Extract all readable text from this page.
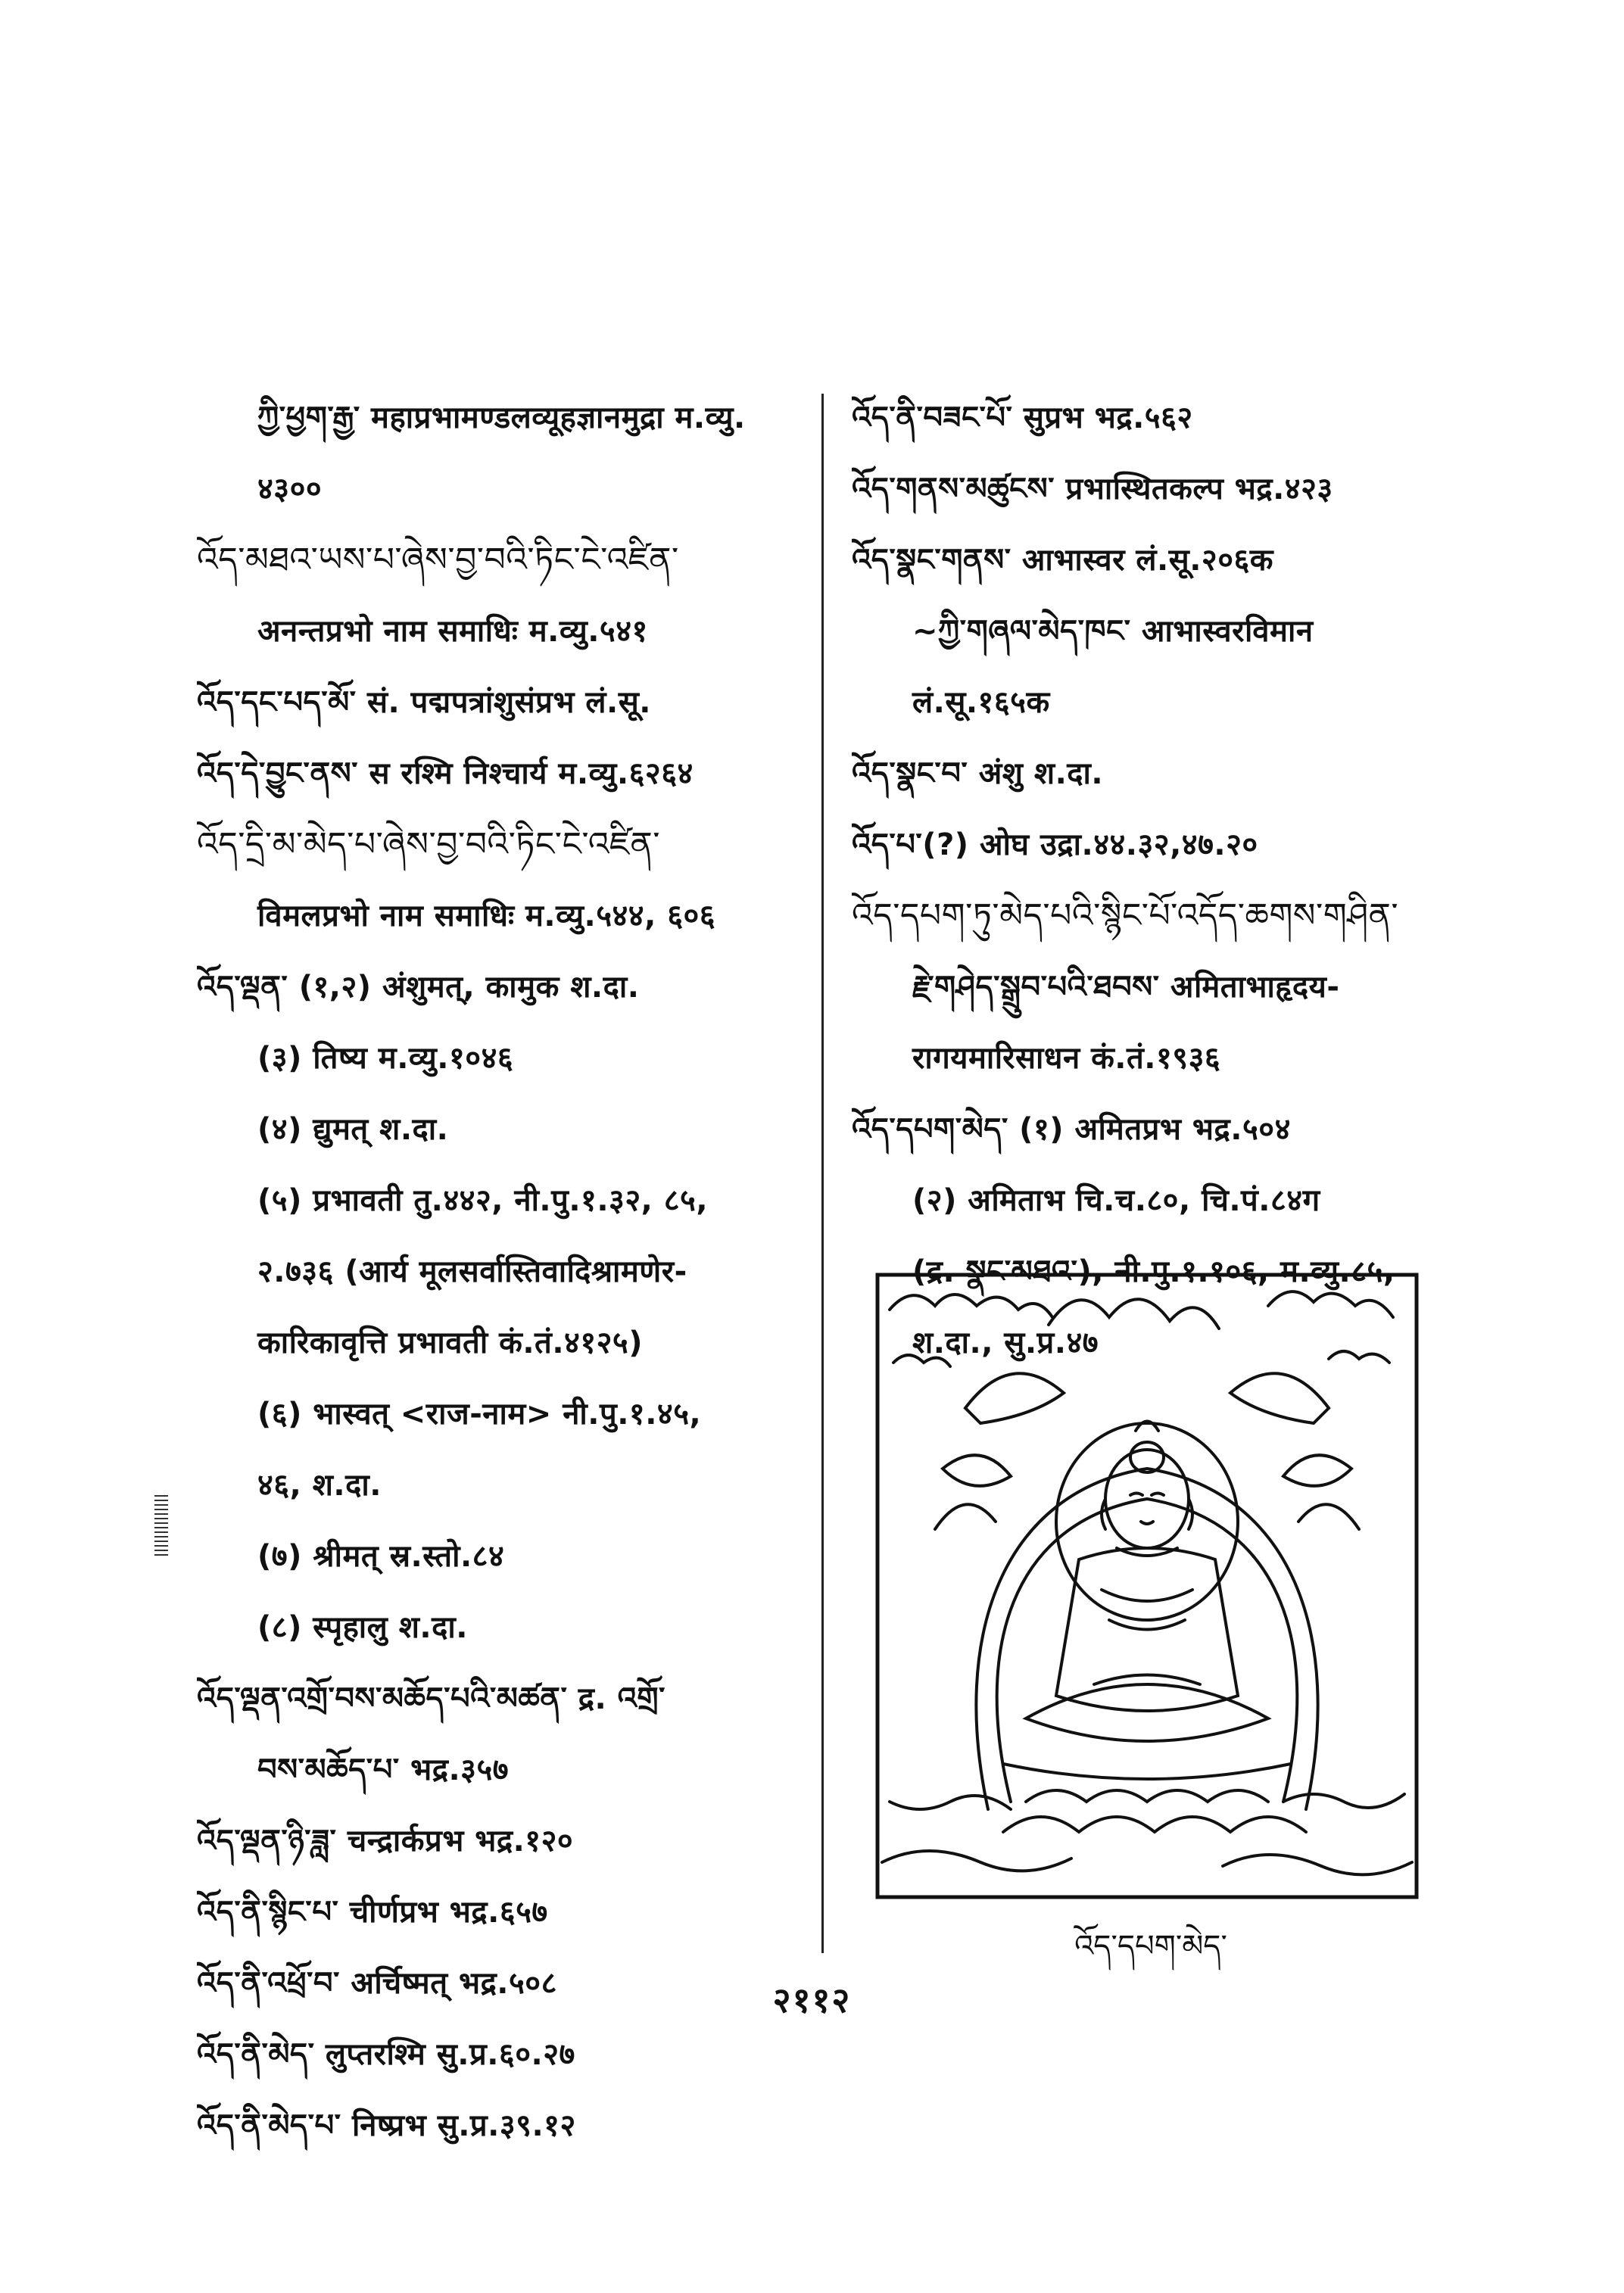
ཀྱི་ཕྱག་རྒྱ་ महाप्रभामण्डलव्यूहज्ञानमुद्रा म.व्यु.
४३००
འོད་མཐའ་ཡས་པ་ཞེས་བྱ་བའི་ཏིང་ངེ་འཛིན་
अनन्तप्रभो नाम समाधिः म.व्यु.५४१
འོད་དང་པད་མོ་ सं. पद्मपत्रांशुसंप्रभ लं.सू.
འོད་དེ་བྱུང་ནས་ स रश्मि निश्चार्य म.व्यु.६२६४
འོད་དྲི་མ་མེད་པ་ཞེས་བྱ་བའི་ཏིང་ངེ་འཛིན་
विमलप्रभो नाम समाधिः म.व्यु.५४४, ६०६
འོད་ལྡན་ (१,२) अंशुमत्, कामुक श.दा.
(३) तिष्य म.व्यु.१०४६
(४) द्युमत् श.दा.
(५) प्रभावती तु.४४२, नी.पु.१.३२, ८५,
२.७३६ (आर्य मूलसर्वास्तिवादिश्रामणेर-
कारिकावृत्ति प्रभावती कं.तं.४१२५)
(६) भास्वत् <राज-नाम> नी.पु.१.४५,
४६, श.दा.
(७) श्रीमत् स्र.स्तो.८४
(८) स्पृहालु श.दा.
འོད་ལྡན་འགྲོ་བས་མཆོད་པའི་མཚན་ द्र. འགྲོ་
བས་མཆོད་པ་ भद्र.३५७
འོད་ལྡན་ཉི་ཟླ་ चन्द्रार्कप्रभ भद्र.१२०
འོད་ནི་སྙིང་པ་ चीर्णप्रभ भद्र.६५७
འོད་ནི་འཕྲོ་བ་ अर्चिष्मत् भद्र.५०८
འོད་ནི་མེད་ लुप्तरश्मि सु.प्र.६०.२७
འོད་ནི་མེད་པ་ निष्प्रभ सु.प्र.३९.१२
འོད་ནི་བཟང་པོ་ सुप्रभ भद्र.५६२
འོད་གནས་མཚུངས་ प्रभास्थितकल्प भद्र.४२३
འོད་སྣང་གནས་ आभास्वर लं.सू.२०६क
~ཀྱི་གཞལ་མེད་ཁང་ आभास्वरविमान
लं.सू.१६५क
འོད་སྣང་བ་ अंशु श.दा.
འོད་པ་(?) ओघ उद्रा.४४.३२,४७.२०
འོད་དཔག་ཏུ་མེད་པའི་སྙིང་པོ་འདོད་ཆགས་གཤིན་
རྗེ་གཤེད་སྒྲུབ་པའི་ཐབས་ अमिताभाहृदय-
रागयमारिसाधन कं.तं.१९३६
འོད་དཔག་མེད་ (१) अमितप्रभ भद्र.५०४
(२) अमिताभ चि.च.८०, चि.पं.८४ग
(द्र. སྣང་མཐའ་), नी.पु.१.१०६, म.व्यु.८५,
श.दा., सु.प्र.४७
འོད་དཔག་མེད་
२११२
